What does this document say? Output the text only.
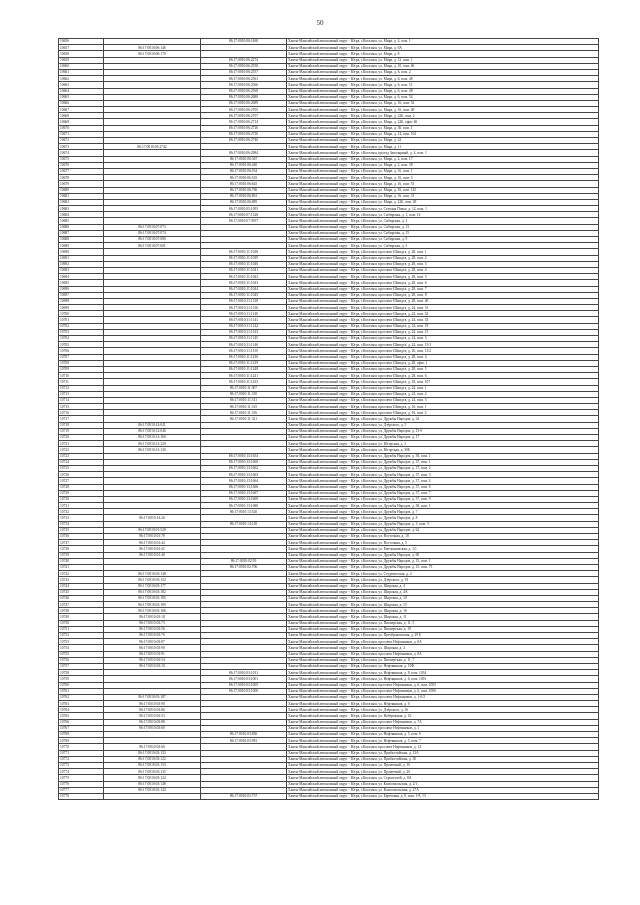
50
10656		86:17:0010:06:1460	Ханты-Мансийский автономный округ - Югра, г.Когалым, ул. Мира, д. 4, пом. 1
10657	86:17:0010:06:146		Ханты-Мансийский автономный округ - Югра, г.Когалым, ул. Мира, д. 6А
10658	86:17:0010:06:170		Ханты-Мансийский автономный округ - Югра, г.Когалым, ул. Мира, д. 8
10659		86:17:0010:06:2274	Ханты-Мансийский автономный округ - Югра, г.Когалым, ул. Мира, д. 12, пом. 1
10660		86:17:0010:06:2550	Ханты-Мансийский автономный округ - Югра, г.Когалым, ул. Мира, д. 10, пом. 46
10661		86:17:0010:06:2557	Ханты-Мансийский автономный округ - Югра, г.Когалым, ул. Мира, д. 6, пом. 2
10662		86:17:0010:06:2561	Ханты-Мансийский автономный округ - Югра, г.Когалым, ул. Мира, д. 6, пом. 48
10663		86:17:0010:06:2566	Ханты-Мансийский автономный округ - Югра, г.Когалым, ул. Мира, д. 6, пом. 51
10664		86:17:0010:06:2568	Ханты-Мансийский автономный округ - Югра, г.Когалым, ул. Мира, д. 6, пом. 48
10665		86:17:0010:06:2680	Ханты-Мансийский автономный округ - Югра, г.Когалым, ул. Мира, д. 6, пом. 54
10666		86:17:0010:06:2689	Ханты-Мансийский автономный округ - Югра, г.Когалым, ул. Мира, д. 16, пом. 52
10667		86:17:0010:06:2705	Ханты-Мансийский автономный округ - Югра, г.Когалым, ул. Мира, д. 16, пом. 48
10668		86:17:0010:06:2707	Ханты-Мансийский автономный округ - Югра, г.Когалым, ул. Мира, д. 22Б, пом. 2
10669		86:17:0010:06:2714	Ханты-Мансийский автономный округ - Югра, г.Когалым, ул. Мира, д. 22Б, офис 46
10670		86:17:0010:06:2726	Ханты-Мансийский автономный округ - Югра, г.Когалым, ул. Мира, д. 36, пом. 1
10671		86:17:0010:06:2730	Ханты-Мансийский автономный округ - Югра, г.Когалым, ул. Мира, д. 14, пом. 104
10672		86:17:0010:06:2740	Ханты-Мансийский автономный округ - Югра, г.Когалым, ул. Мира, д. 22
10673	86:17:0010:05:2742		Ханты-Мансийский автономный округ - Югра, г.Когалым, ул. Мира, д. 11
10674		86:17:0010:06:2984	Ханты-Мансийский автономный округ - Югра, г.Когалым, проезд Заполярный, д. 4, пом. 1
10675		86:17:0010:06:367	Ханты-Мансийский автономный округ - Югра, г.Когалым, ул. Мира, д. 2, пом. 17
10676		86:17:0010:06:440	Ханты-Мансийский автономный округ - Югра, г.Когалым, ул. Мира, д. 2, пом. 38
10677		86:17:0010:06:534	Ханты-Мансийский автономный округ - Югра, г.Когалым, ул. Мира, д. 16, пом. 1
10678		86:17:0010:06:535	Ханты-Мансийский автономный округ - Югра, г.Когалым, ул. Мира, д. 16, пом. 3
10679		86:17:0010:06:645	Ханты-Мансийский автономный округ - Югра, г.Когалым, ул. Мира, д. 16, пом. 53
10680		86:17:0010:06:766	Ханты-Мансийский автономный округ - Югра, г.Когалым, ул. Мира, д. 16, пом. 145
10681		86:17:0010:06:861	Ханты-Мансийский автономный округ - Югра, г.Когалым, ул. Мира, д. 16, пом. 31
10682		86:17:0010:06:885	Ханты-Мансийский автономный округ - Югра, г.Когалым, ул. Мира, д. 22Б, пом. 49
10683		86:17:0010:05:1093	Ханты-Мансийский автономный округ - Югра, г.Когалым, ул. Степана Повха, д. 12, пом. 1
10684		86:17:0010:07:1328	Ханты-Мансийский автономный округ - Югра, г.Когалым, ул. Сибирская, д. 1, пом. 14
10685		86:17:0010:07:3957	Ханты-Мансийский автономный округ - Югра, г.Когалым, ул. Сибирская, д. 3
10686	86:17:0010:07:073		Ханты-Мансийский автономный округ - Югра, г.Когалым, ул. Сибирская, д. 13
10687	86:17:0010:07:074		Ханты-Мансийский автономный округ - Югра, г.Когалым, ул. Сибирская, д. 15
10688	86:17:0010:07:080		Ханты-Мансийский автономный округ - Югра, г.Когалым, ул. Сибирская, д. 9
10689	86:17:0010:07:001		Ханты-Мансийский автономный округ - Югра, г.Когалым, ул. Сибирская, д. 5
10690		86:17:0010:11:1028	Ханты-Мансийский автономный округ - Югра, г.Когалым, проспект Шмидта, д. 28, пом. 1
10691		86:17:0010:11:1039	Ханты-Мансийский автономный округ - Югра, г.Когалым, проспект Шмидта, д. 28, пом. 2
10692		86:17:0010:11:1040	Ханты-Мансийский автономный округ - Югра, г.Когалым, проспект Шмидта, д. 28, пом. 3
10693		86:17:0010:11:1041	Ханты-Мансийский автономный округ - Югра, г.Когалым, проспект Шмидта, д. 28, пом. 4
10694		86:17:0010:11:1042	Ханты-Мансийский автономный округ - Югра, г.Когалым, проспект Шмидта, д. 28, пом. 5
10695		86:17:0010:11:1043	Ханты-Мансийский автономный округ - Югра, г.Когалым, проспект Шмидта, д. 28, пом. 6
10696		86:17:0010:11:1044	Ханты-Мансийский автономный округ - Югра, г.Когалым, проспект Шмидта, д. 28, пом. 7
10697		86:17:0010:11:1045	Ханты-Мансийский автономный округ - Югра, г.Когалым, проспект Шмидта, д. 28, пом. 8
10698		86:17:0010:11:1128	Ханты-Мансийский автономный округ - Югра, г.Когалым, проспект Шмидта, д. 28, пом. 40
10699		86:17:0010:11:1136	Ханты-Мансийский автономный округ - Югра, г.Когалым, проспект Шмидта, д. 24, пом. 31
10700		86:17:0010:11:1140	Ханты-Мансийский автономный округ - Югра, г.Когалым, проспект Шмидта, д. 24, пом. 32
10701		86:17:0010:11:1141	Ханты-Мансийский автономный округ - Югра, г.Когалым, проспект Шмидта, д. 24, пом. 33
10702		86:17:0010:11:1142	Ханты-Мансийский автономный округ - Югра, г.Когалым, проспект Шмидта, д. 24, пом. 19
10703		86:17:0010:11:1143	Ханты-Мансийский автономный округ - Югра, г.Когалым, проспект Шмидта, д. 24, пом. 15
10704		86:17:0010:11:1145	Ханты-Мансийский автономный округ - Югра, г.Когалым, проспект Шмидта, д. 24, пом. 3
10705		86:17:0010:11:1146	Ханты-Мансийский автономный округ - Югра, г.Когалым, проспект Шмидта, д. 24, пом. 15/1
10706		86:17:0010:11:1150	Ханты-Мансийский автономный округ - Югра, г.Когалым, проспект Шмидта, д. 26, пом. 15/2
10707		86:17:0010:11:1236	Ханты-Мансийский автономный округ - Югра, г.Когалым, проспект Шмидта, д. 28, пом. 4
10708		86:17:0010:11:1239	Ханты-Мансийский автономный округ - Югра, г.Когалым, проспект Шмидта, д. 28, офис 1
10709		86:17:0010:11:1240	Ханты-Мансийский автономный округ - Югра, г.Когалым, проспект Шмидта, д. 28, пом. 5
10710		86:17:0010:11:1241	Ханты-Мансийский автономный округ - Югра, г.Когалым, проспект Шмидта, д. 28, пом. 6
10711		86:17:0010:11:1255	Ханты-Мансийский автономный округ - Югра, г.Когалым, проспект Шмидта, д. 18, пом. 107
10712		86:17:0010:11:307	Ханты-Мансийский автономный округ - Югра, г.Когалым, проспект Шмидта, д. 24, пом. 1
10713		86:17:0010:11:310	Ханты-Мансийский автономный округ - Югра, г.Когалым, проспект Шмидта, д. 24, пом. 2
10714		86:17:0010:11:311	Ханты-Мансийский автономный округ - Югра, г.Когалым, проспект Шмидта, д. 24, пом. 3
10715		86:17:0010:11:315	Ханты-Мансийский автономный округ - Югра, г.Когалым, проспект Шмидта, д. 16, пом. 1
10716		86:17:0010:11:316	Ханты-Мансийский автономный округ - Югра, г.Когалым, проспект Шмидта, д. 16, пом. 2
10717		86:17:0010:11:321	Ханты-Мансийский автономный округ - Югра, г.Когалым, ул. Дружбы Народов, д. 34
10718	86:17:0010:12:041		Ханты-Мансийский автономный округ - Югра, г.Когалым, ул. Дзёрского, д. 5
10719	86:17:0010:12:046		Ханты-Мансийский автономный округ - Югра, г.Когалым, ул. Дружбы Народов, д. 15-б
10720	86:17:0010:13:160		Ханты-Мансийский автономный округ - Югра, г.Когалым, ул. Дружбы Народов, д. 17
10721	86:17:0010:13:129		Ханты-Мансийский автономный округ - Югра, г.Когалым, ул. Югорская, д. 3
10722	86:17:0010:13:130		Ханты-Мансийский автономный округ - Югра, г.Когалым, ул. Югорская, д. 30Б
10723		86:17:0010:13:1654	Ханты-Мансийский автономный округ - Югра, г.Когалым, ул. Дружбы Народов, д. 38, пом. 1
10724		86:17:0010:13:1660	Ханты-Мансийский автономный округ - Югра, г.Когалым, ул. Дружбы Народов, д. 37, пом. 1
10725		86:17:0010:13:1662	Ханты-Мансийский автономный округ - Югра, г.Когалым, ул. Дружбы Народов, д. 37, пом. 2
10726		86:17:0010:13:1663	Ханты-Мансийский автономный округ - Югра, г.Когалым, ул. Дружбы Народов, д. 37, пом. 3
10727		86:17:0010:13:1664	Ханты-Мансийский автономный округ - Югра, г.Когалым, ул. Дружбы Народов, д. 37, пом. 4
10728		86:17:0010:13:1666	Ханты-Мансийский автономный округ - Югра, г.Когалым, ул. Дружбы Народов, д. 37, пом. 6
10729		86:17:0010:13:1667	Ханты-Мансийский автономный округ - Югра, г.Когалым, ул. Дружбы Народов, д. 37, пом. 7
10730		86:17:0010:13:1669	Ханты-Мансийский автономный округ - Югра, г.Когалым, ул. Дружбы Народов, д. 37, пом. 9
10731		86:17:0010:13:1680	Ханты-Мансийский автономный округ - Югра, г.Когалым, ул. Дружбы Народов, д. 38, пом. 1
10732		86:17:0010:13:520	Ханты-Мансийский автономный округ - Югра, г.Когалым, ул. Дружбы Народов, д. 7
10733	86:17:0010:14:26		Ханты-Мансийский автономный округ - Югра, г.Когалым, ул. Дружбы Народов, д. 8
10734		86:17:0010:14:120	Ханты-Мансийский автономный округ - Югра, г.Когалым, ул. Дружбы Народов, д. 3, пом. 3
10735	86:17:0010:01:528		Ханты-Мансийский автономный округ - Югра, г.Когалым, ул. Дружбы Народов, д. 62
10736	86:17:0010:01:78		Ханты-Мансийский автономный округ - Югра, г.Когалым, ул. Восточная, д. 18
10737	86:17:0010:01:44		Ханты-Мансийский автономный округ - Югра, г.Когалым, ул. Восточная, д. 5
10738	86:17:0010:01:41		Ханты-Мансийский автономный округ - Югра, г.Когалым, ул. Емельяновская, д. 1/1
10739	86:17:0010:01:48		Ханты-Мансийский автономный округ - Югра, г.Когалым, ул. Дружбы Народов, д. 60
10740		86:17:0010:02:59	Ханты-Мансийский автономный округ - Югра, г.Когалым, ул. Дружбы Народов, д. 15, пом. 1
10741		86:17:0010:02:706	Ханты-Мансийский автономный округ - Югра, г.Когалым, ул. Дружбы Народов, д. 15, пом. 75
10742	86:17:0010:03:148		Ханты-Мансийский автономный округ - Югра, г.Когалым, ул. Студенческая, д. 2
10743	86:17:0010:03:152		Ханты-Мансийский автономный округ - Югра, г.Когалым, ул. Дзёрского, д. 19
10744	86:17:0010:03:177		Ханты-Мансийский автономный округ - Югра, г.Когалым, ул. Широкая, д. 4
10745	86:17:0010:03:182		Ханты-Мансийский автономный округ - Югра, г.Когалым, ул. Широкая, д. 4А
10746	86:17:0010:03:185		Ханты-Мансийский автономный округ - Югра, г.Когалым, ул. Широкая, д. 10
10747	86:17:0010:03:189		Ханты-Мансийский автономный округ - Югра, г.Когалым, ул. Широкая, д. 15
10748	86:17:0010:03:186		Ханты-Мансийский автономный округ - Югра, г.Когалым, ул. Широкая, д. 16
10749	86:17:0010:03:18		Ханты-Мансийский автономный округ - Югра, г.Когалым, ул. Широкая, д. 11
10750	86:17:0010:03:73		Ханты-Мансийский автономный округ - Югра, г.Когалым, ул. Пионерская, д. 11, 5
10751	86:17:0010:03:56		Ханты-Мансийский автономный округ - Югра, г.Когалым, ул. Пионерская, д. 19
10752	86:17:0010:03:76		Ханты-Мансийский автономный округ - Югра, г.Когалым, ул. Преображенская, д. 29 Е
10753	86:17:0010:03:87		Ханты-Мансийский автономный округ - Югра, г.Когалым, проспект Нефтяников, д. 6А
10754	86:17:0010:03:90		Ханты-Мансийский автономный округ - Югра, г.Когалым, ул. Широкая, д. 4
10755	86:17:0010:03:91		Ханты-Мансийский автономный округ - Югра, г.Когалым, проспект Нефтяников, д. 8А
10756	86:17:0010:03:54		Ханты-Мансийский автономный округ - Югра, г.Когалым, ул. Пионерская, д. 11, 7
10757	86:17:0010:03:10		Ханты-Мансийский автономный округ - Югра, г.Когалым, ул. Нефтяников, д. 15Ф
10758		86:17:0010:03:1031	Ханты-Мансийский автономный округ - Югра, г.Когалым, ул. Нефтяников, д. 8, пом. 1034
10759		86:17:0010:03:1001	Ханты-Мансийский автономный округ - Югра, г.Когалым, ул. Нефтяников, д. 6, пом. 1001
10760		86:17:0010:03:1005	Ханты-Мансийский автономный округ - Югра, г.Когалым, проспект Нефтяников, д. 6, пом. 1005
10761		86:17:0010:03:1006	Ханты-Мансийский автономный округ - Югра, г.Когалым, проспект Нефтяников, д. 6, пом. 1006
10762	86:17:0010:03:187		Ханты-Мансийский автономный округ - Югра, г.Когалым, проспект Нефтяников, д. 1-б/2
10763	86:17:0010:03:90		Ханты-Мансийский автономный округ - Югра, г.Когалым, ул. Нефтяников, д. 6
10764	86:17:0010:03:86		Ханты-Мансийский автономный округ - Югра, г.Когалым, ул. Дзёрского, д. 16
10765	86:17:0010:03:53		Ханты-Мансийский автономный округ - Югра, г.Когалым, ул. Набережная, д. 16
10766	86:17:0010:03:88		Ханты-Мансийский автономный округ - Югра, г.Когалым, проспект Нефтяников, д. 7А
10767	86:17:0010:03:60		Ханты-Мансийский автономный округ - Югра, г.Когалым, проспект Нефтяников, д. 1
10768		86:17:0010:03:856	Ханты-Мансийский автономный округ - Югра, г.Когалым, ул. Нефтяников, д. 5, пом. 6
10769		86:17:0010:03:981	Ханты-Мансийский автономный округ - Югра, г.Когалым, ул. Нефтяников, д. 5, пом. 7
10770	86:17:0010:03:66		Ханты-Мансийский автономный округ - Югра, г.Когалым, проспект Нефтяников, д. 12
10771	86:17:0010:03:133		Ханты-Мансийский автономный округ - Югра, г.Когалым, ул. Прибалтийская, д. 12А
10772	86:17:0010:03:122		Ханты-Мансийский автономный округ - Югра, г.Когалым, ул. Прибалтийская, д. 30
10773	86:17:0010:03:133		Ханты-Мансийский автономный округ - Югра, г.Когалым, ул. Прометний, д. 16
10774	86:17:0010:03:135		Ханты-Мансийский автономный округ - Югра, г.Когалым, ул. Прометний, д. 20
10775	86:17:0010:03:124		Ханты-Мансийский автономный округ - Югра, г.Когалым, ул. Строителей, д. 8А
10776	86:17:0010:03:148		Ханты-Мансийский автономный округ - Югра, г.Когалым, ул. Комсомольская, д. 2/1
10777	86:17:0010:03:143		Ханты-Мансийский автономный округ - Югра, г.Когалым, ул. Комсомольская, д. 27А
10778		86:17:0010:03:737	Ханты-Мансийский автономный округ - Югра, г.Когалым, ул. Береговая, д. 9, пом. 1-8, 13
